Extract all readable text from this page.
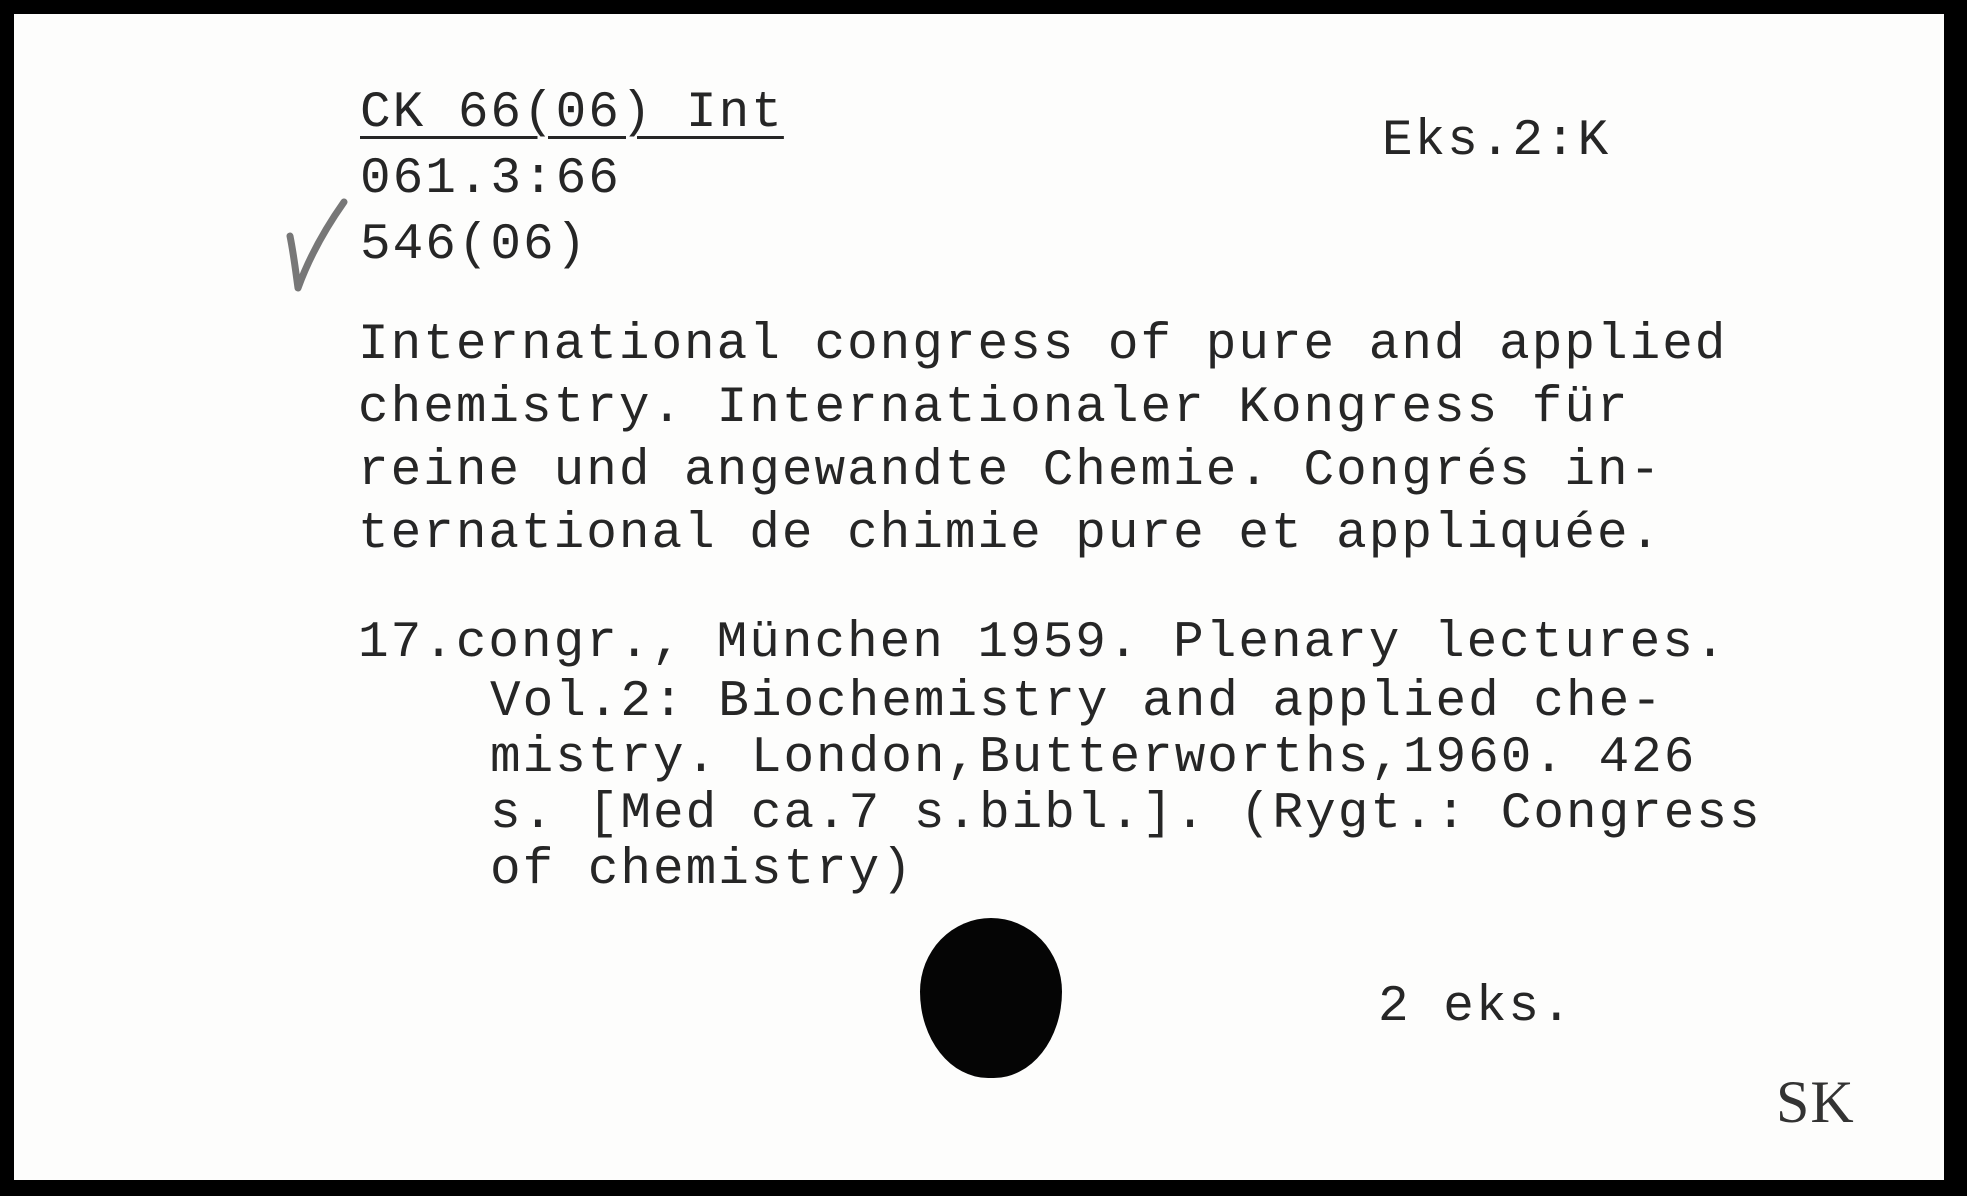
CK 66(06) Int
061.3:66
546(06)
Eks.2:K
International congress of pure and applied
chemistry. Internationaler Kongress für
reine und angewandte Chemie. Congrés in-
ternational de chimie pure et appliquée.
17.congr., München 1959. Plenary lectures.
Vol.2: Biochemistry and applied che-
mistry. London,Butterworths,1960. 426
s. [Med ca.7 s.bibl.]. (Rygt.: Congress
of chemistry)
2 eks.
SK
